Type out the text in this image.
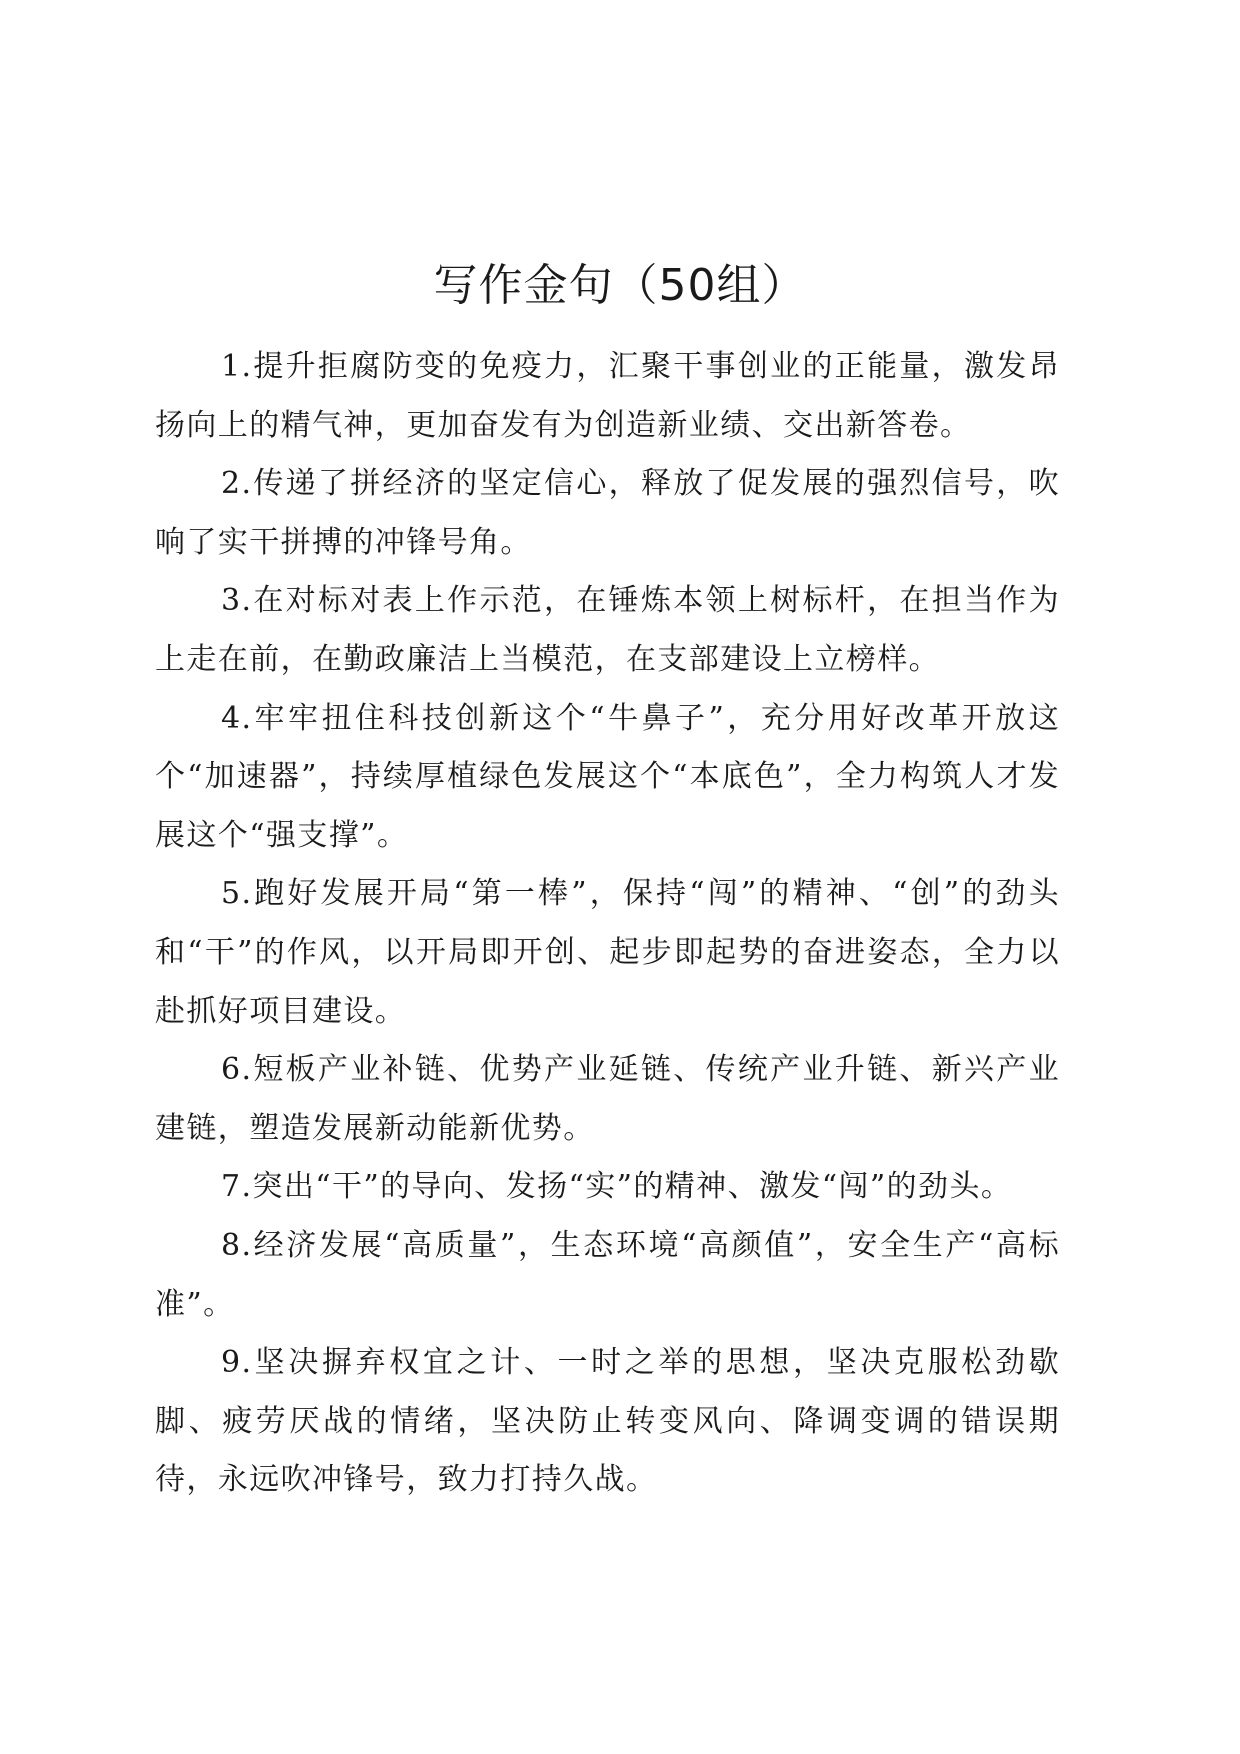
写作金句（50组）

1.提升拒腐防变的免疫力，汇聚干事创业的正能量，激发昂扬向上的精气神，更加奋发有为创造新业绩、交出新答卷。

2.传递了拼经济的坚定信心，释放了促发展的强烈信号，吹响了实干拼搏的冲锋号角。

3.在对标对表上作示范，在锤炼本领上树标杆，在担当作为上走在前，在勤政廉洁上当模范，在支部建设上立榜样。

4.牢牢扭住科技创新这个“牛鼻子”，充分用好改革开放这个“加速器”，持续厚植绿色发展这个“本底色”，全力构筑人才发展这个“强支撑”。

5.跑好发展开局“第一棒”，保持“闯”的精神、“创”的劲头和“干”的作风，以开局即开创、起步即起势的奋进姿态，全力以赴抓好项目建设。

6.短板产业补链、优势产业延链、传统产业升链、新兴产业建链，塑造发展新动能新优势。

7.突出“干”的导向、发扬“实”的精神、激发“闯”的劲头。

8.经济发展“高质量”，生态环境“高颜值”，安全生产“高标准”。

9.坚决摒弃权宜之计、一时之举的思想，坚决克服松劲歇脚、疲劳厌战的情绪，坚决防止转变风向、降调变调的错误期待，永远吹冲锋号，致力打持久战。
